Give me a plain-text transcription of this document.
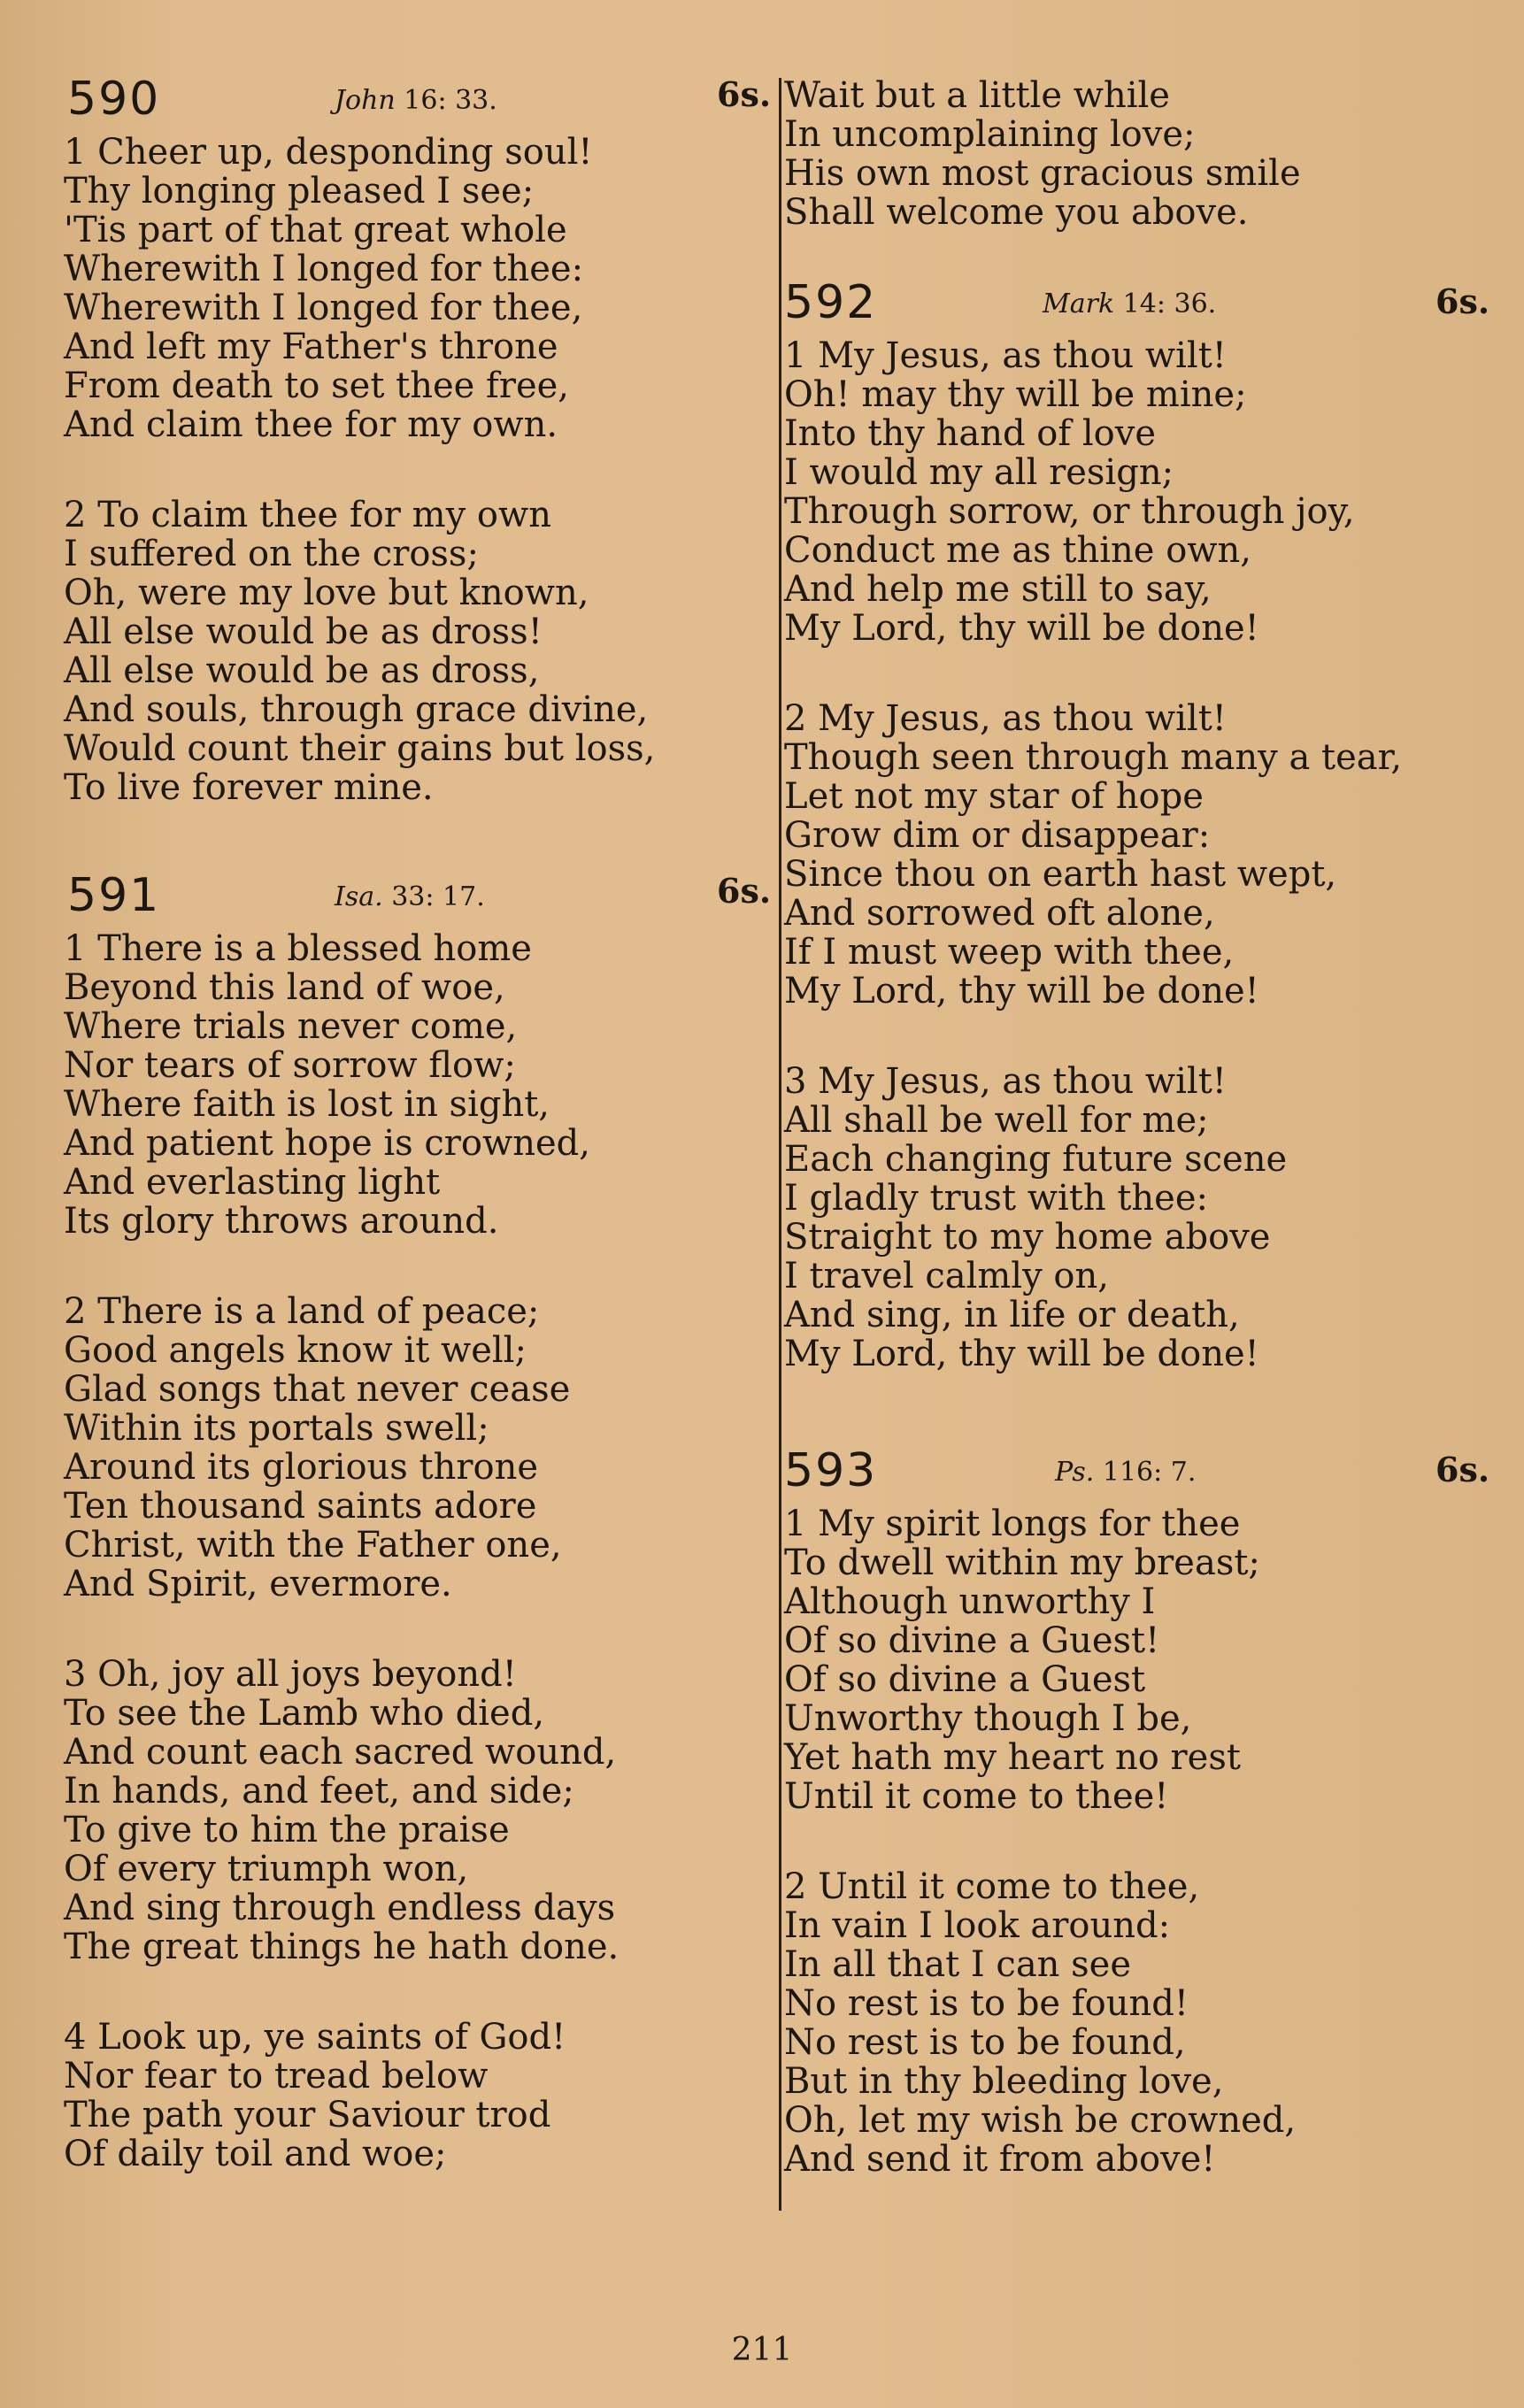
590	John 16: 33.	6s.
1 Cheer up, desponding soul!
Thy longing pleased I see;
'Tis part of that great whole
Wherewith I longed for thee:
Wherewith I longed for thee,
And left my Father's throne
From death to set thee free,
And claim thee for my own.
2 To claim thee for my own
I suffered on the cross;
Oh, were my love but known,
All else would be as dross!
All else would be as dross,
And souls, through grace divine,
Would count their gains but loss,
To live forever mine.
591	Isa. 33: 17.	6s.
1 There is a blessed home
Beyond this land of woe,
Where trials never come,
Nor tears of sorrow flow;
Where faith is lost in sight,
And patient hope is crowned,
And everlasting light
Its glory throws around.
2 There is a land of peace;
Good angels know it well;
Glad songs that never cease
Within its portals swell;
Around its glorious throne
Ten thousand saints adore
Christ, with the Father one,
And Spirit, evermore.
3 Oh, joy all joys beyond!
To see the Lamb who died,
And count each sacred wound,
In hands, and feet, and side;
To give to him the praise
Of every triumph won,
And sing through endless days
The great things he hath done.
4 Look up, ye saints of God!
Nor fear to tread below
The path your Saviour trod
Of daily toil and woe;
Wait but a little while
In uncomplaining love;
His own most gracious smile
Shall welcome you above.
592	Mark 14: 36.	6s.
1 My Jesus, as thou wilt!
Oh! may thy will be mine;
Into thy hand of love
I would my all resign;
Through sorrow, or through joy,
Conduct me as thine own,
And help me still to say,
My Lord, thy will be done!
2 My Jesus, as thou wilt!
Though seen through many a tear,
Let not my star of hope
Grow dim or disappear:
Since thou on earth hast wept,
And sorrowed oft alone,
If I must weep with thee,
My Lord, thy will be done!
3 My Jesus, as thou wilt!
All shall be well for me;
Each changing future scene
I gladly trust with thee:
Straight to my home above
I travel calmly on,
And sing, in life or death,
My Lord, thy will be done!
593	Ps. 116: 7.	6s.
1 My spirit longs for thee
To dwell within my breast;
Although unworthy I
Of so divine a Guest!
Of so divine a Guest
Unworthy though I be,
Yet hath my heart no rest
Until it come to thee!
2 Until it come to thee,
In vain I look around:
In all that I can see
No rest is to be found!
No rest is to be found,
But in thy bleeding love,
Oh, let my wish be crowned,
And send it from above!
211
